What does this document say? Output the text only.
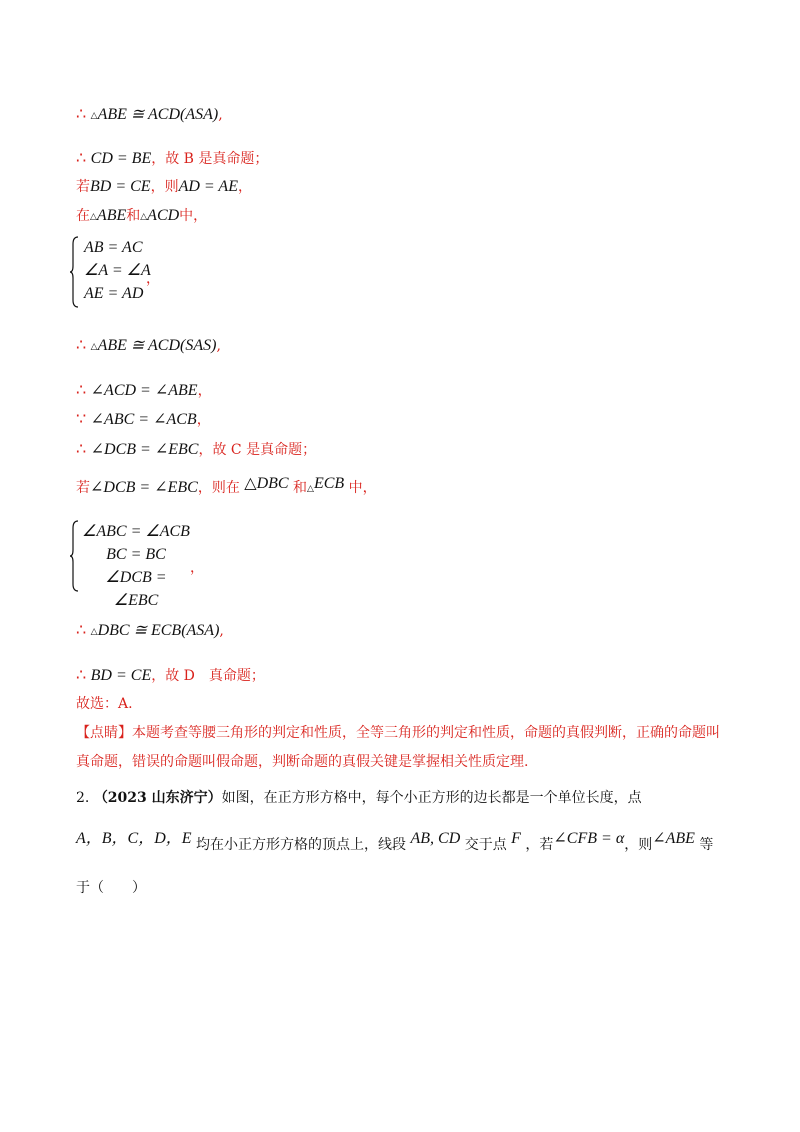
∴ △ABE ≅ ACD(ASA),
∴ CD = BE，故 B 是真命题；
若BD = CE，则AD = AE，
在△ABE和△ACD中，
AB = AC
∠A = ∠A
AE = AD
，
∴ △ABE ≅ ACD(SAS),
∴ ∠ACD = ∠ABE，
∵ ∠ABC = ∠ACB，
∴ ∠DCB = ∠EBC，故 C 是真命题；
若∠DCB = ∠EBC，则在 △DBC 和△ECB 中，
∠ABC = ∠ACB
BC = BC
∠DCB = ∠EBC
，
∴ △DBC ≅ ECB(ASA),
∴ BD = CE，故 D　真命题；
故选：A.
【点睛】本题考查等腰三角形的判定和性质，全等三角形的判定和性质，命题的真假判断，正确的命题叫
真命题，错误的命题叫假命题，判断命题的真假关键是掌握相关性质定理.
2. （2023 山东济宁）如图，在正方形方格中，每个小正方形的边长都是一个单位长度，点
A，B，C，D，E 均在小正方形方格的顶点上，线段 AB, CD 交于点 F ，若∠CFB = α，则∠ABE 等
于（　　）
